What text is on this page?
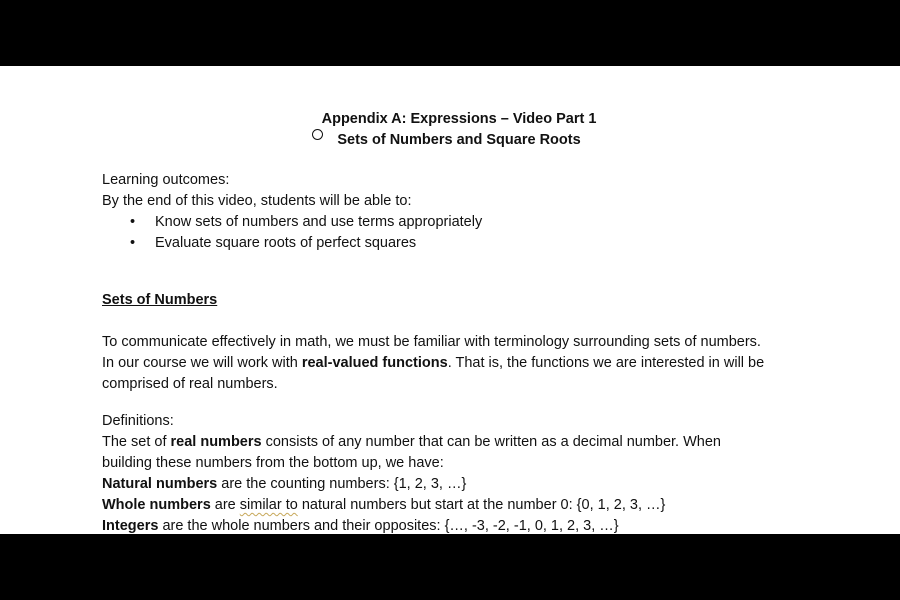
Appendix A: Expressions – Video Part 1
Sets of Numbers and Square Roots
Learning outcomes:
By the end of this video, students will be able to:
• Know sets of numbers and use terms appropriately
• Evaluate square roots of perfect squares
Sets of Numbers
To communicate effectively in math, we must be familiar with terminology surrounding sets of numbers.
In our course we will work with real-valued functions. That is, the functions we are interested in will be
comprised of real numbers.
Definitions:
The set of real numbers consists of any number that can be written as a decimal number. When
building these numbers from the bottom up, we have:
Natural numbers are the counting numbers: {1, 2, 3, …}
Whole numbers are similar to natural numbers but start at the number 0: {0, 1, 2, 3, …}
Integers are the whole numbers and their opposites: {…, -3, -2, -1, 0, 1, 2, 3, …}
